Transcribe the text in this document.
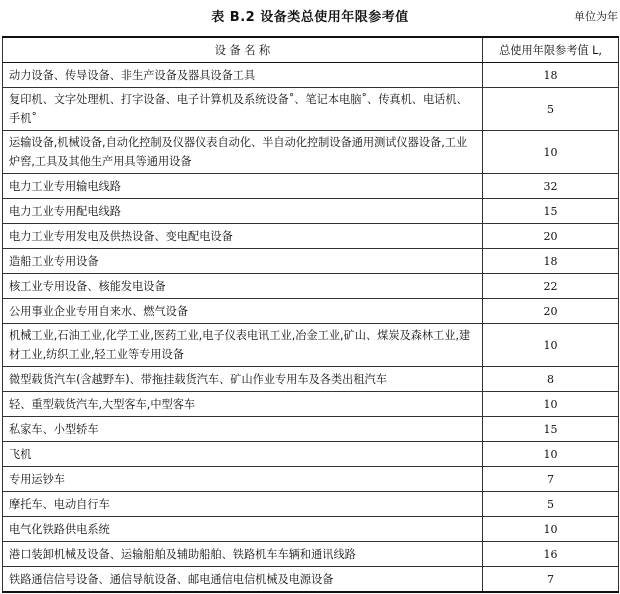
表 B.2 设备类总使用年限参考值	单位为年
设 备 名 称	总使用年限参考值 L,
动力设备、传导设备、非生产设备及器具设备工具	18
复印机、文字处理机、打字设备、电子计算机及系统设备˚、笔记本电脑˚、传真机、电话机、手机˚	5
运输设备,机械设备,自动化控制及仪器仪表自动化、半自动化控制设备通用测试仪器设备,工业炉窖,工具及其他生产用具等通用设备	10
电力工业专用输电线路	32
电力工业专用配电线路	15
电力工业专用发电及供热设备、变电配电设备	20
造船工业专用设备	18
核工业专用设备、核能发电设备	22
公用事业企业专用自来水、燃气设备	20
机械工业,石油工业,化学工业,医药工业,电子仪表电讯工业,冶金工业,矿山、煤炭及森林工业,建材工业,纺织工业,轻工业等专用设备	10
微型载货汽车(含越野车)、带拖挂载货汽车、矿山作业专用车及各类出租汽车	8
轻、重型载货汽车,大型客车,中型客车	10
私家车、小型轿车	15
飞机	10
专用运钞车	7
摩托车、电动自行车	5
电气化铁路供电系统	10
港口装卸机械及设备、运输船舶及辅助船舶、铁路机车车辆和通讯线路	16
铁路通信信号设备、通信导航设备、邮电通信电信机械及电源设备	7
